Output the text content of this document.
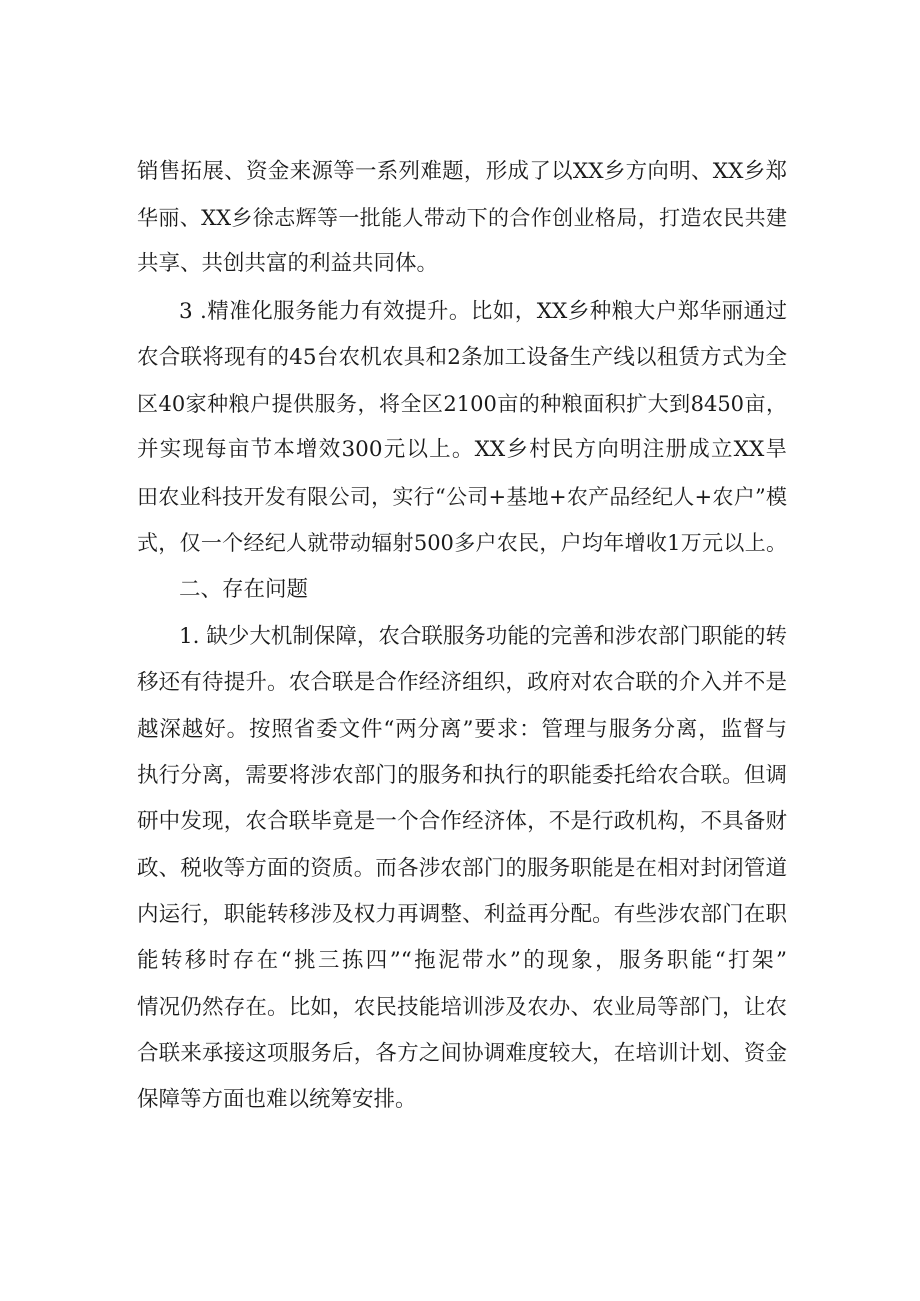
销售拓展、资金来源等一系列难题，形成了以XX乡方向明、XX乡郑
华丽、XX乡徐志辉等一批能人带动下的合作创业格局，打造农民共建
共享、共创共富的利益共同体。
3 .精准化服务能力有效提升。比如，XX乡种粮大户郑华丽通过
农合联将现有的45台农机农具和2条加工设备生产线以租赁方式为全
区40家种粮户提供服务，将全区2100亩的种粮面积扩大到8450亩，
并实现每亩节本增效300元以上。XX乡村民方向明注册成立XX旱
田农业科技开发有限公司，实行“公司+基地+农产品经纪人+农户”模
式，仅一个经纪人就带动辐射500多户农民，户均年增收1万元以上。
二、存在问题
1. 缺少大机制保障，农合联服务功能的完善和涉农部门职能的转
移还有待提升。农合联是合作经济组织，政府对农合联的介入并不是
越深越好。按照省委文件“两分离”要求：管理与服务分离，监督与
执行分离，需要将涉农部门的服务和执行的职能委托给农合联。但调
研中发现，农合联毕竟是一个合作经济体，不是行政机构，不具备财
政、税收等方面的资质。而各涉农部门的服务职能是在相对封闭管道
内运行，职能转移涉及权力再调整、利益再分配。有些涉农部门在职
能转移时存在“挑三拣四”“拖泥带水”的现象，服务职能“打架”
情况仍然存在。比如，农民技能培训涉及农办、农业局等部门，让农
合联来承接这项服务后，各方之间协调难度较大，在培训计划、资金
保障等方面也难以统筹安排。
